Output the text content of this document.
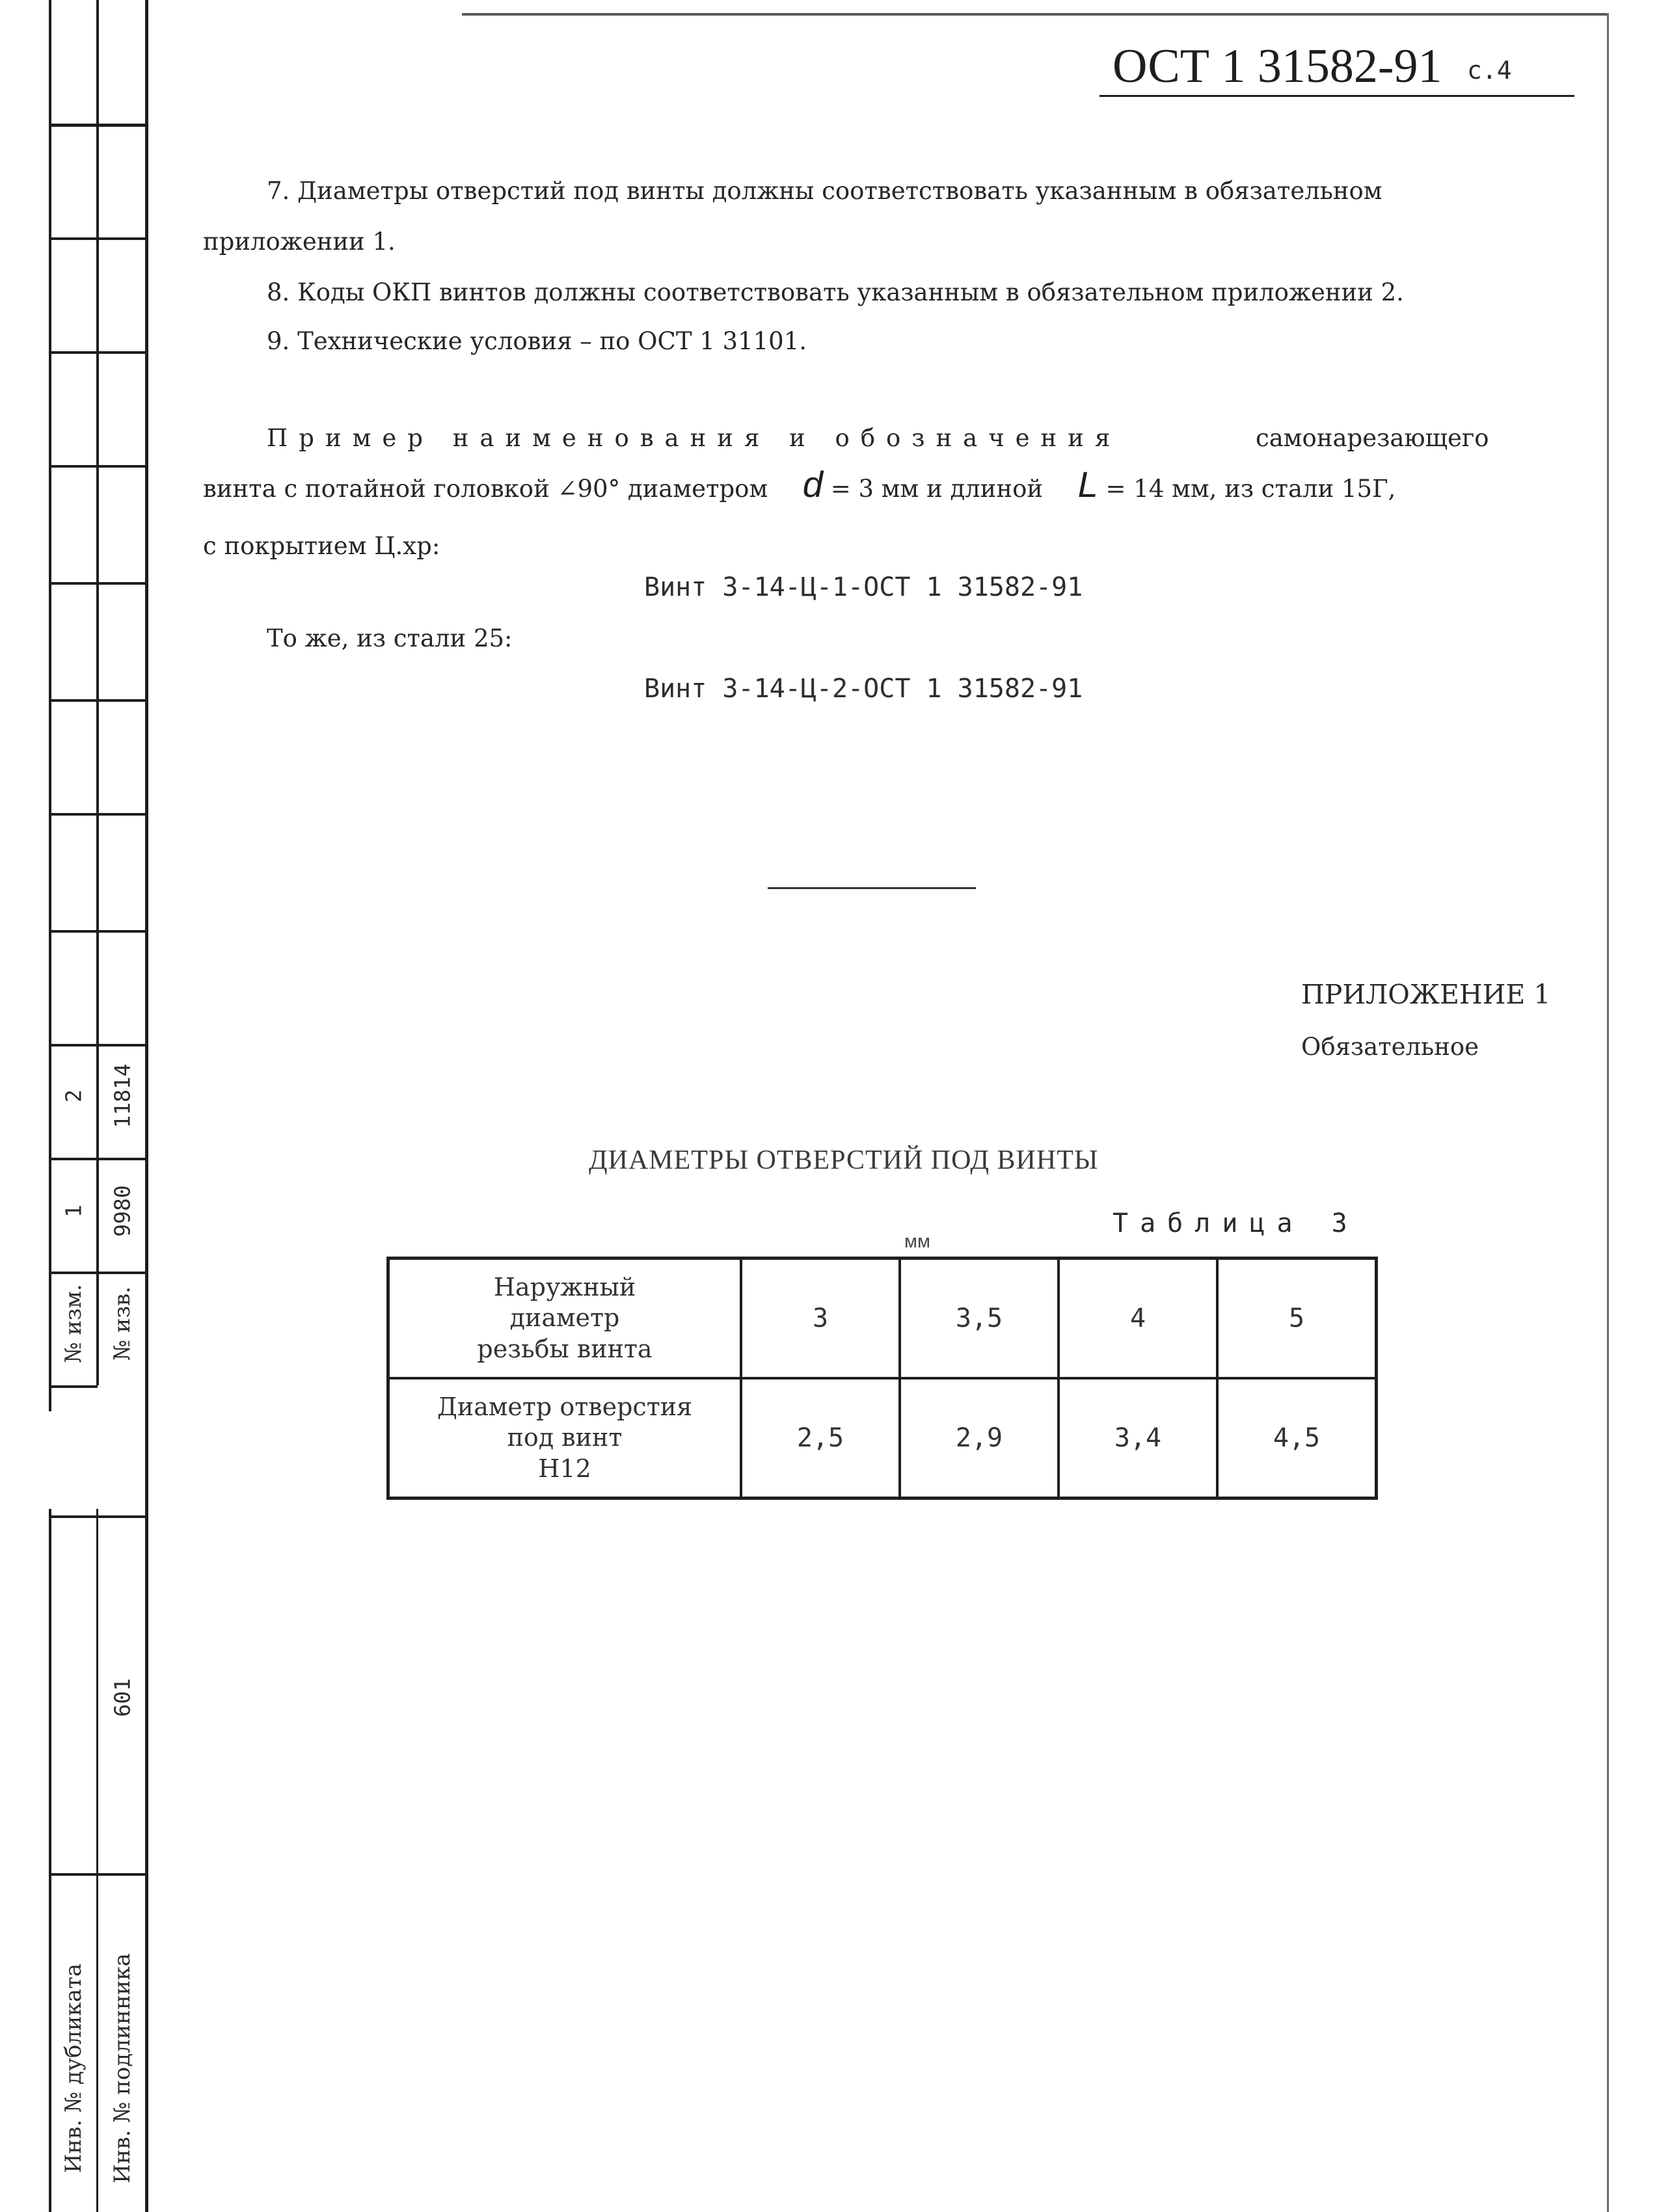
№ изм. № изв.
1 9980
2 11814
601
Инв. № дубликата Инв. № подлинника
ОСТ 1 31582-91 с.4
7. Диаметры отверстий под винты должны соответствовать указанным в обязательном
приложении 1.
8. Коды ОКП винтов должны соответствовать указанным в обязательном приложении 2.
9. Технические условия – по ОСТ 1 31101.
Пример наименования и обозначения	самонарезающего
винта с потайной головкой ∠90° диаметром d = 3 мм и длиной L = 14 мм, из стали 15Г,
с покрытием Ц.хр:
Винт 3-14-Ц-1-ОСТ 1 31582-91
То же, из стали 25:
Винт 3-14-Ц-2-ОСТ 1 31582-91
ПРИЛОЖЕНИЕ 1
Обязательное
ДИАМЕТРЫ ОТВЕРСТИЙ ПОД ВИНТЫ
Таблица 3
мм
Наружный диаметр резьбы винта	3	3,5	4	5

Диаметр отверстия под винт
Н12	2,5	2,9	3,4	4,5
